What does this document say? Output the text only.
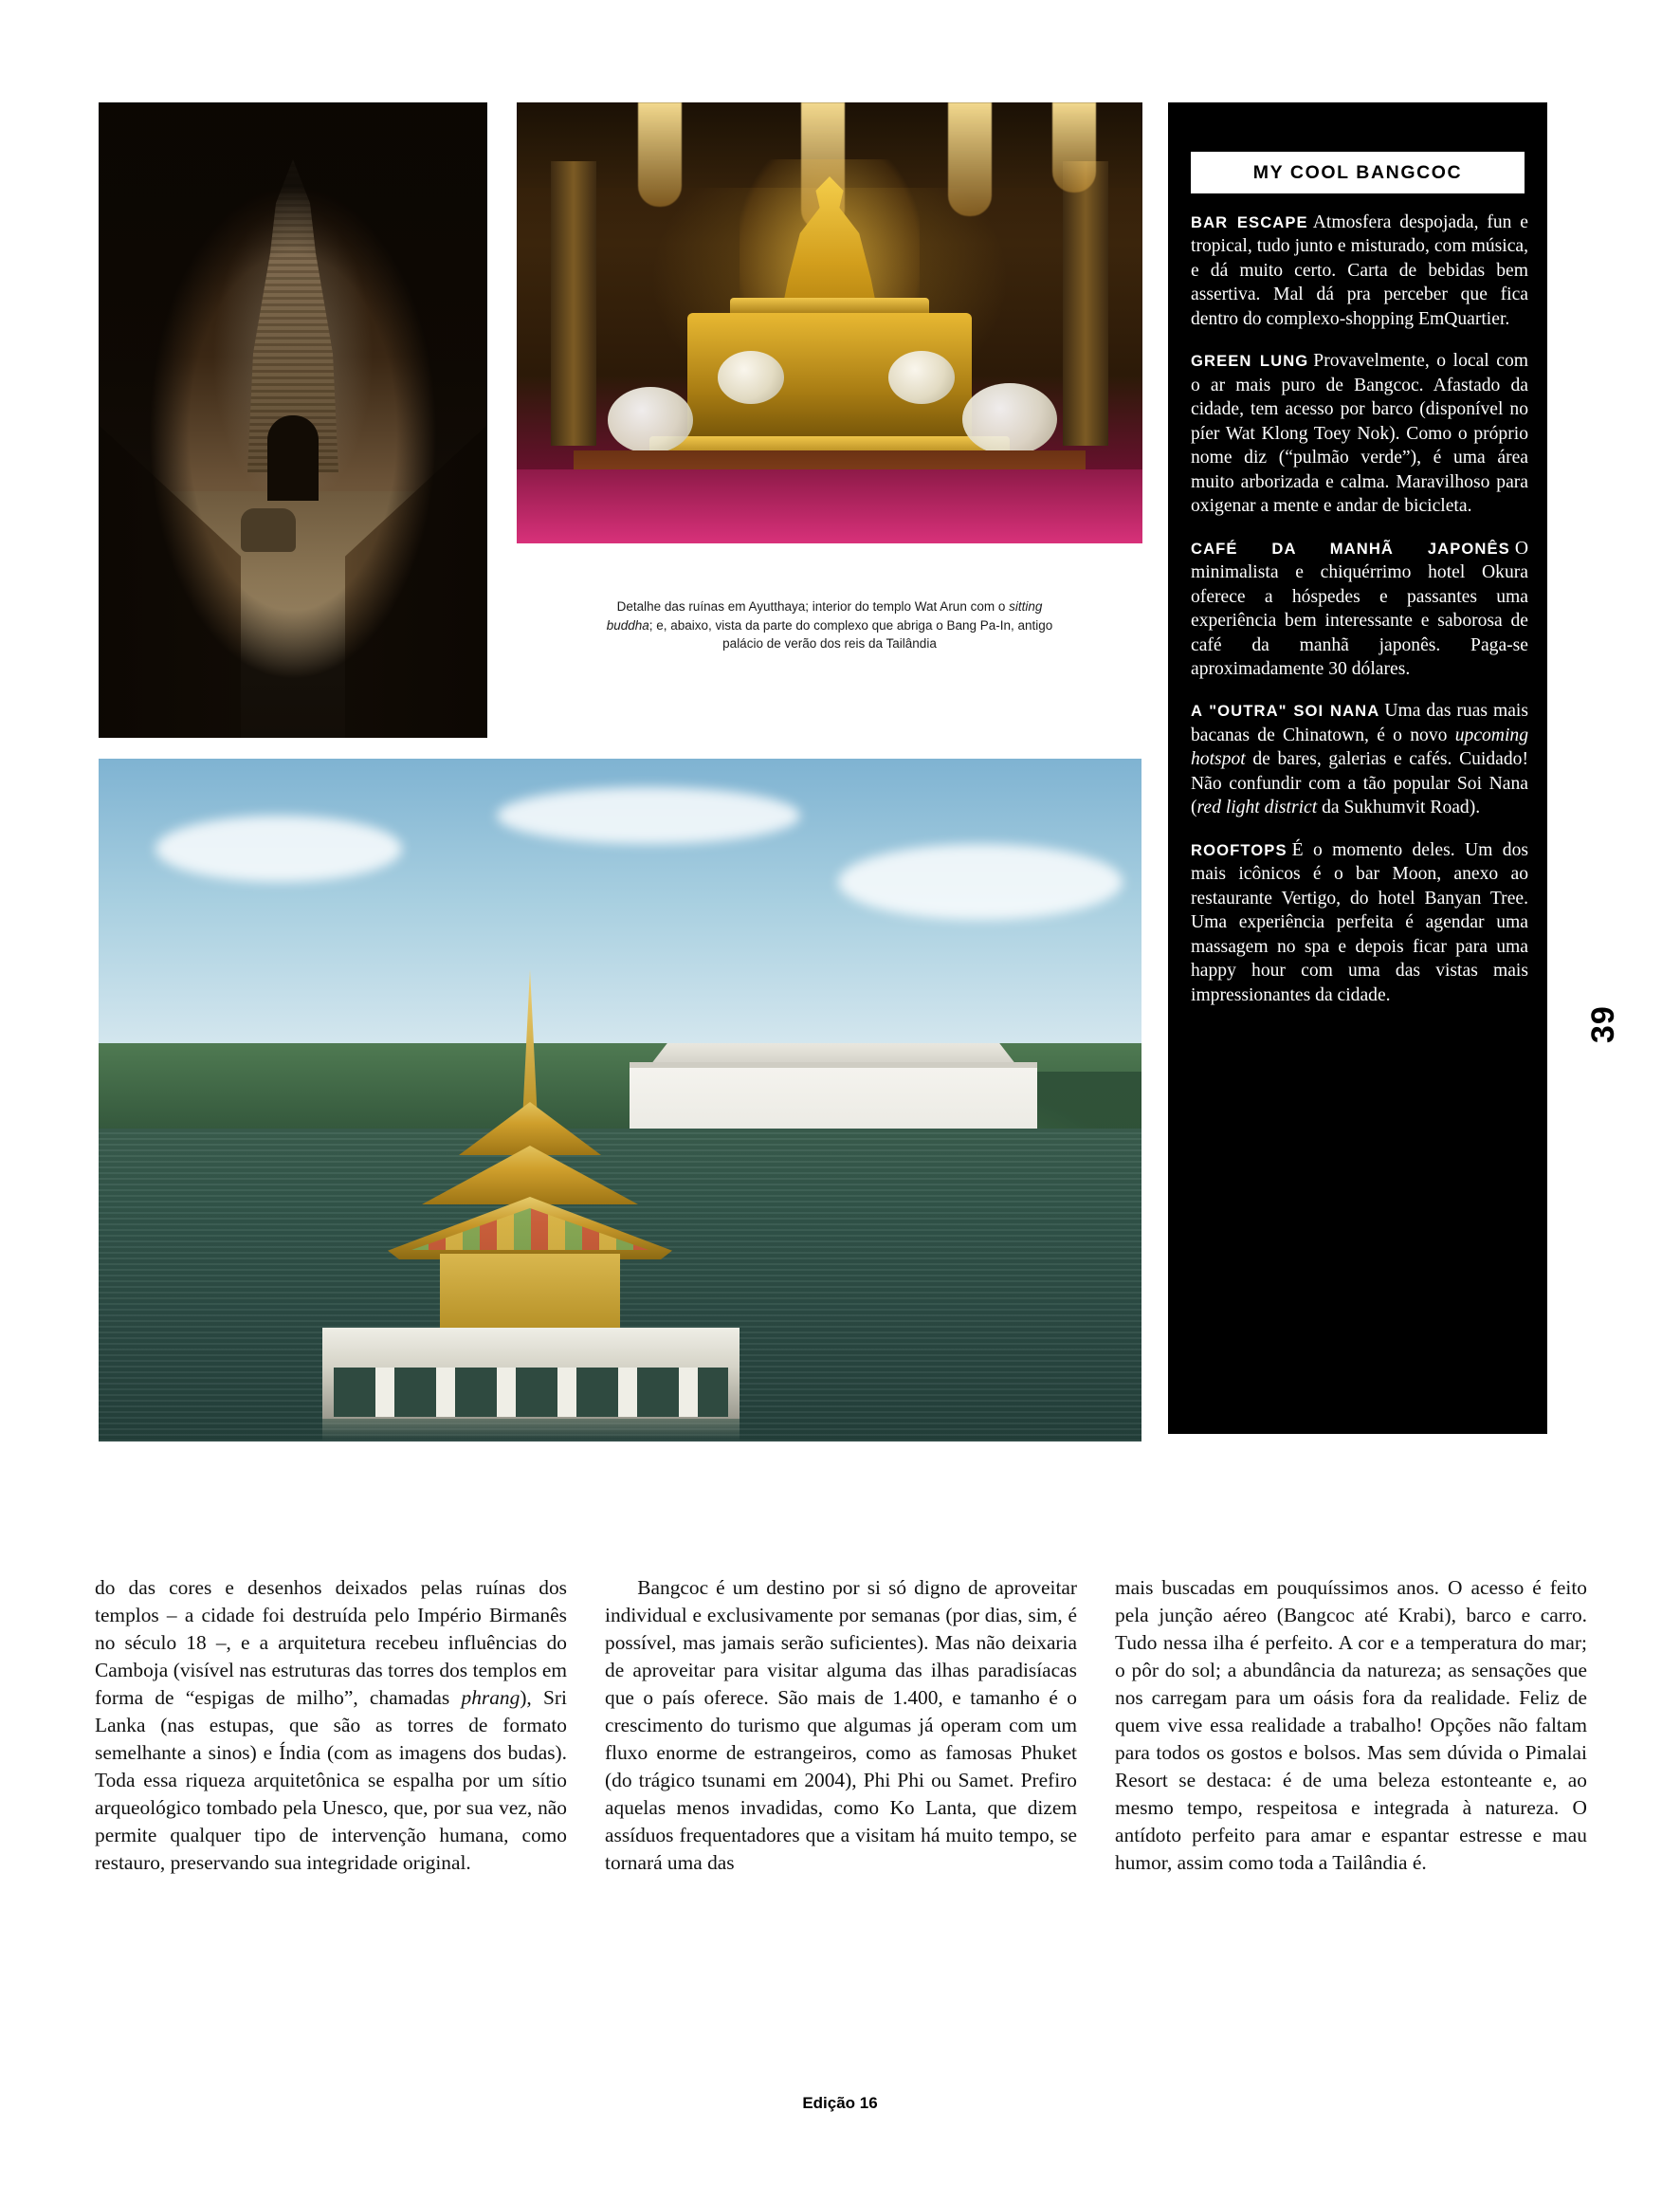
Detalhe das ruínas em Ayutthaya; interior do templo Wat Arun com o sitting
buddha; e, abaixo, vista da parte do complexo que abriga o Bang Pa-In, antigo
palácio de verão dos reis da Tailândia
MY COOL BANGCOC
BAR ESCAPE Atmosfera despojada, fun e tropical, tudo junto e misturado, com música, e dá muito certo. Carta de bebidas bem assertiva. Mal dá pra perceber que fica dentro do complexo-shopping EmQuartier.
GREEN LUNG Provavelmente, o local com o ar mais puro de Bangcoc. Afastado da cidade, tem acesso por barco (disponível no píer Wat Klong Toey Nok). Como o próprio nome diz (“pulmão verde”), é uma área muito arborizada e calma. Maravilhoso para oxigenar a mente e andar de bicicleta.
CAFÉ DA MANHÃ JAPONÊS O minimalista e chiquérrimo hotel Okura oferece a hóspedes e passantes uma experiência bem interessante e saborosa de café da manhã japonês. Paga-se aproximadamente 30 dólares.
A "OUTRA" SOI NANA Uma das ruas mais bacanas de Chinatown, é o novo upcoming hotspot de bares, galerias e cafés. Cuidado! Não confundir com a tão popular Soi Nana (red light district da Sukhumvit Road).
ROOFTOPS É o momento deles. Um dos mais icônicos é o bar Moon, anexo ao restaurante Vertigo, do hotel Banyan Tree. Uma experiência perfeita é agendar uma massagem no spa e depois ficar para uma happy hour com uma das vistas mais impressionantes da cidade.
39

do das cores e desenhos deixados pelas ruínas dos templos – a cidade foi destruída pelo Império Birmanês no século 18 –, e a arquitetura recebeu influências do Camboja (visível nas estruturas das torres dos templos em forma de “espigas de milho”, chamadas phrang), Sri Lanka (nas estupas, que são as torres de formato semelhante a sinos) e Índia (com as imagens dos budas). Toda essa riqueza arquitetônica se espalha por um sítio arqueológico tombado pela Unesco, que, por sua vez, não permite qualquer tipo de intervenção humana, como restauro, preservando sua integridade original.

Bangcoc é um destino por si só digno de aproveitar individual e exclusivamente por semanas (por dias, sim, é possível, mas jamais serão suficientes). Mas não deixaria de aproveitar para visitar alguma das ilhas paradisíacas que o país oferece. São mais de 1.400, e tamanho é o crescimento do turismo que algumas já operam com um fluxo enorme de estrangeiros, como as famosas Phuket (do trágico tsunami em 2004), Phi Phi ou Samet. Prefiro aquelas menos invadidas, como Ko Lanta, que dizem assíduos frequentadores que a visitam há muito tempo, se tornará uma das

mais buscadas em pouquíssimos anos. O acesso é feito pela junção aéreo (Bangcoc até Krabi), barco e carro. Tudo nessa ilha é perfeito. A cor e a temperatura do mar; o pôr do sol; a abundância da natureza; as sensações que nos carregam para um oásis fora da realidade. Feliz de quem vive essa realidade a trabalho! Opções não faltam para todos os gostos e bolsos. Mas sem dúvida o Pimalai Resort se destaca: é de uma beleza estonteante e, ao mesmo tempo, respeitosa e integrada à natureza. O antídoto perfeito para amar e espantar estresse e mau humor, assim como toda a Tailândia é.

Edição 16
